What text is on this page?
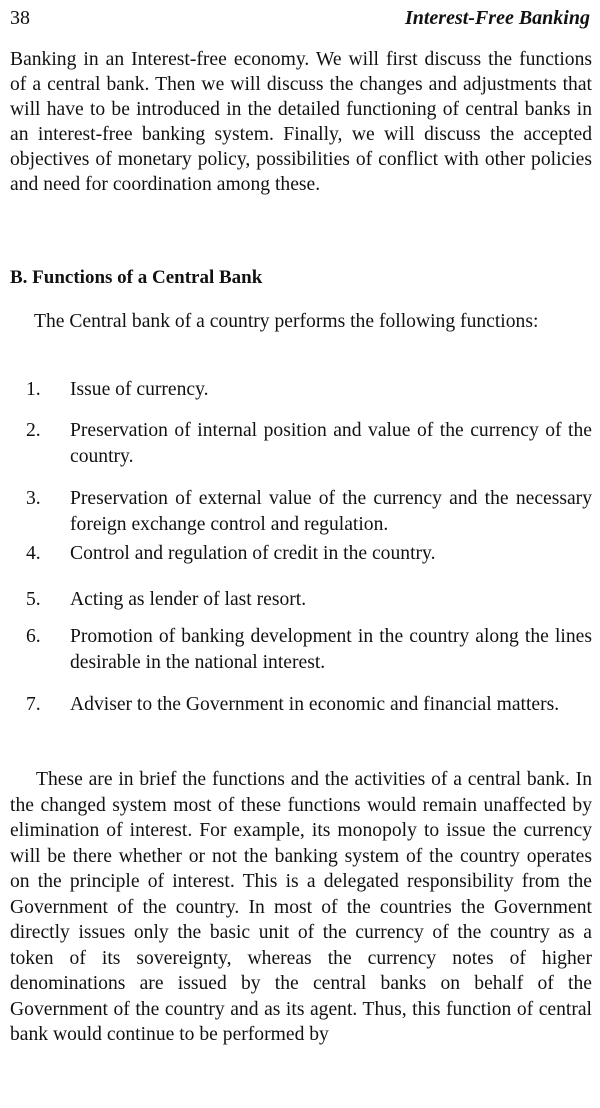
38	Interest-Free Banking

Banking in an Interest-free economy. We will first discuss the functions of a central bank. Then we will discuss the changes and adjustments that will have to be introduced in the detailed functioning of central banks in an interest-free banking system. Finally, we will discuss the accepted objectives of monetary policy, possibilities of conflict with other policies and need for coordination among these.

B. Functions of a Central Bank

The Central bank of a country performs the following functions:

1.	Issue of currency.
2.	Preservation of internal position and value of the currency of the country.
3.	Preservation of external value of the currency and the necessary foreign exchange control and regulation.
4.	Control and regulation of credit in the country.
5.	Acting as lender of last resort.
6.	Promotion of banking development in the country along the lines desirable in the national interest.
7.	Adviser to the Government in economic and financial matters.

These are in brief the functions and the activities of a central bank. In the changed system most of these functions would remain unaffected by elimination of interest. For example, its monopoly to issue the currency will be there whether or not the banking system of the country operates on the principle of interest. This is a delegated responsibility from the Government of the country. In most of the countries the Government directly issues only the basic unit of the currency of the country as a token of its sovereignty, whereas the currency notes of higher denominations are issued by the central banks on behalf of the Government of the country and as its agent. Thus, this function of central bank would continue to be performed by
